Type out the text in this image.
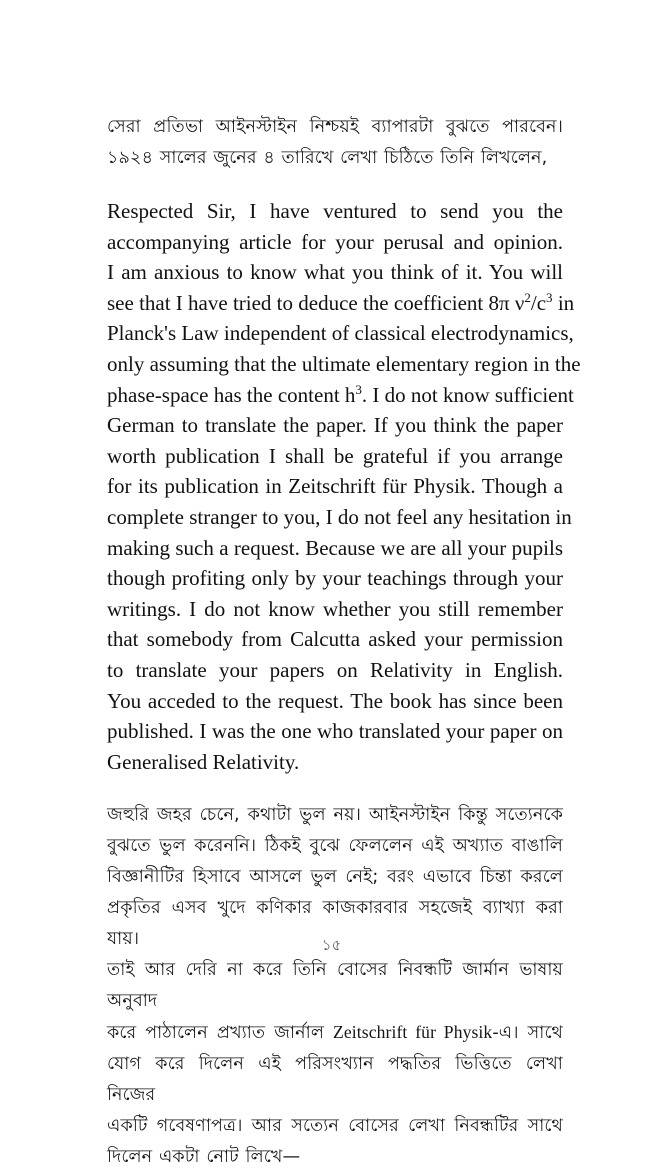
সেরা প্রতিভা আইনস্টাইন নিশ্চয়ই ব্যাপারটা বুঝতে পারবেন।
১৯২৪ সালের জুনের ৪ তারিখে লেখা চিঠিতে তিনি লিখলেন,

Respected Sir, I have ventured to send you the
accompanying article for your perusal and opinion.
I am anxious to know what you think of it. You will
see that I have tried to deduce the coefficient 8π $\nu^2/c^3$ in
Planck's Law independent of classical electrodynamics,
only assuming that the ultimate elementary region in the
phase-space has the content $h^3$. I do not know sufficient
German to translate the paper. If you think the paper
worth publication I shall be grateful if you arrange
for its publication in Zeitschrift für Physik. Though a
complete stranger to you, I do not feel any hesitation in
making such a request. Because we are all your pupils
though profiting only by your teachings through your
writings. I do not know whether you still remember
that somebody from Calcutta asked your permission
to translate your papers on Relativity in English.
You acceded to the request. The book has since been
published. I was the one who translated your paper on
Generalised Relativity.

জহুরি জহর চেনে, কথাটা ভুল নয়। আইনস্টাইন কিন্তু সত্যেনকে
বুঝতে ভুল করেননি। ঠিকই বুঝে ফেললেন এই অখ্যাত বাঙালি
বিজ্ঞানীটির হিসাবে আসলে ভুল নেই; বরং এভাবে চিন্তা করলে
প্রকৃতির এসব খুদে কণিকার কাজকারবার সহজেই ব্যাখ্যা করা যায়।
তাই আর দেরি না করে তিনি বোসের নিবন্ধটি জার্মান ভাষায় অনুবাদ
করে পাঠালেন প্রখ্যাত জার্নাল Zeitschrift für Physik-এ। সাথে
যোগ করে দিলেন এই পরিসংখ্যান পদ্ধতির ভিত্তিতে লেখা নিজের
একটি গবেষণাপত্র। আর সত্যেন বোসের লেখা নিবন্ধটির সাথে
দিলেন একটা নোট লিখে—

১৫
